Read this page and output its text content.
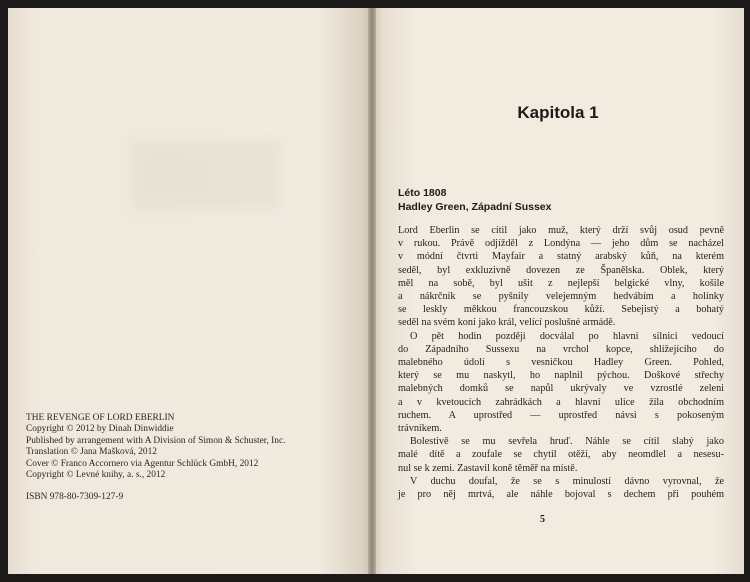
THE REVENGE OF LORD EBERLIN
Copyright © 2012 by Dinah Dinwiddie
Published by arrangement with A Division of Simon & Schuster, Inc.
Translation © Jana Mašková, 2012
Cover © Franco Accornero via Agentur Schlück GmbH, 2012
Copyright © Levné knihy, a. s., 2012
ISBN 978-80-7309-127-9
Kapitola 1
Léto 1808
Hadley Green, Západní Sussex
Lord Eberlin se cítil jako muž, který drží svůj osud pevně
v rukou. Právě odjížděl z Londýna — jeho dům se nacházel
v módní čtvrti Mayfair a statný arabský kůň, na kterém
seděl, byl exkluzivně dovezen ze Španělska. Oblek, který
měl na sobě, byl ušit z nejlepší belgické vlny, košile
a nákrčník se pyšnily velejemným hedvábím a holínky
se leskly měkkou francouzskou kůží. Sebejistý a bohatý
seděl na svém koni jako král, velící poslušné armádě.
O pět hodin později docválal po hlavní silnici vedoucí
do Západního Sussexu na vrchol kopce, shlížejícího do
malebného údolí s vesničkou Hadley Green. Pohled,
který se mu naskytl, ho naplnil pýchou. Doškové střechy
malebných domků se napůl ukrývaly ve vzrostlé zeleni
a v kvetoucích zahrádkách a hlavní ulice žila obchodním
ruchem. A uprostřed — uprostřed návsi s pokoseným
trávníkem.
Bolestivě se mu sevřela hruď. Náhle se cítil slabý jako
malé dítě a zoufale se chytil otěží, aby neomdlel a nesesu-
nul se k zemi. Zastavil koně těměř na místě.
V duchu doufal, že se s minulostí dávno vyrovnal, že
je pro něj mrtvá, ale náhle bojoval s dechem při pouhém
5
